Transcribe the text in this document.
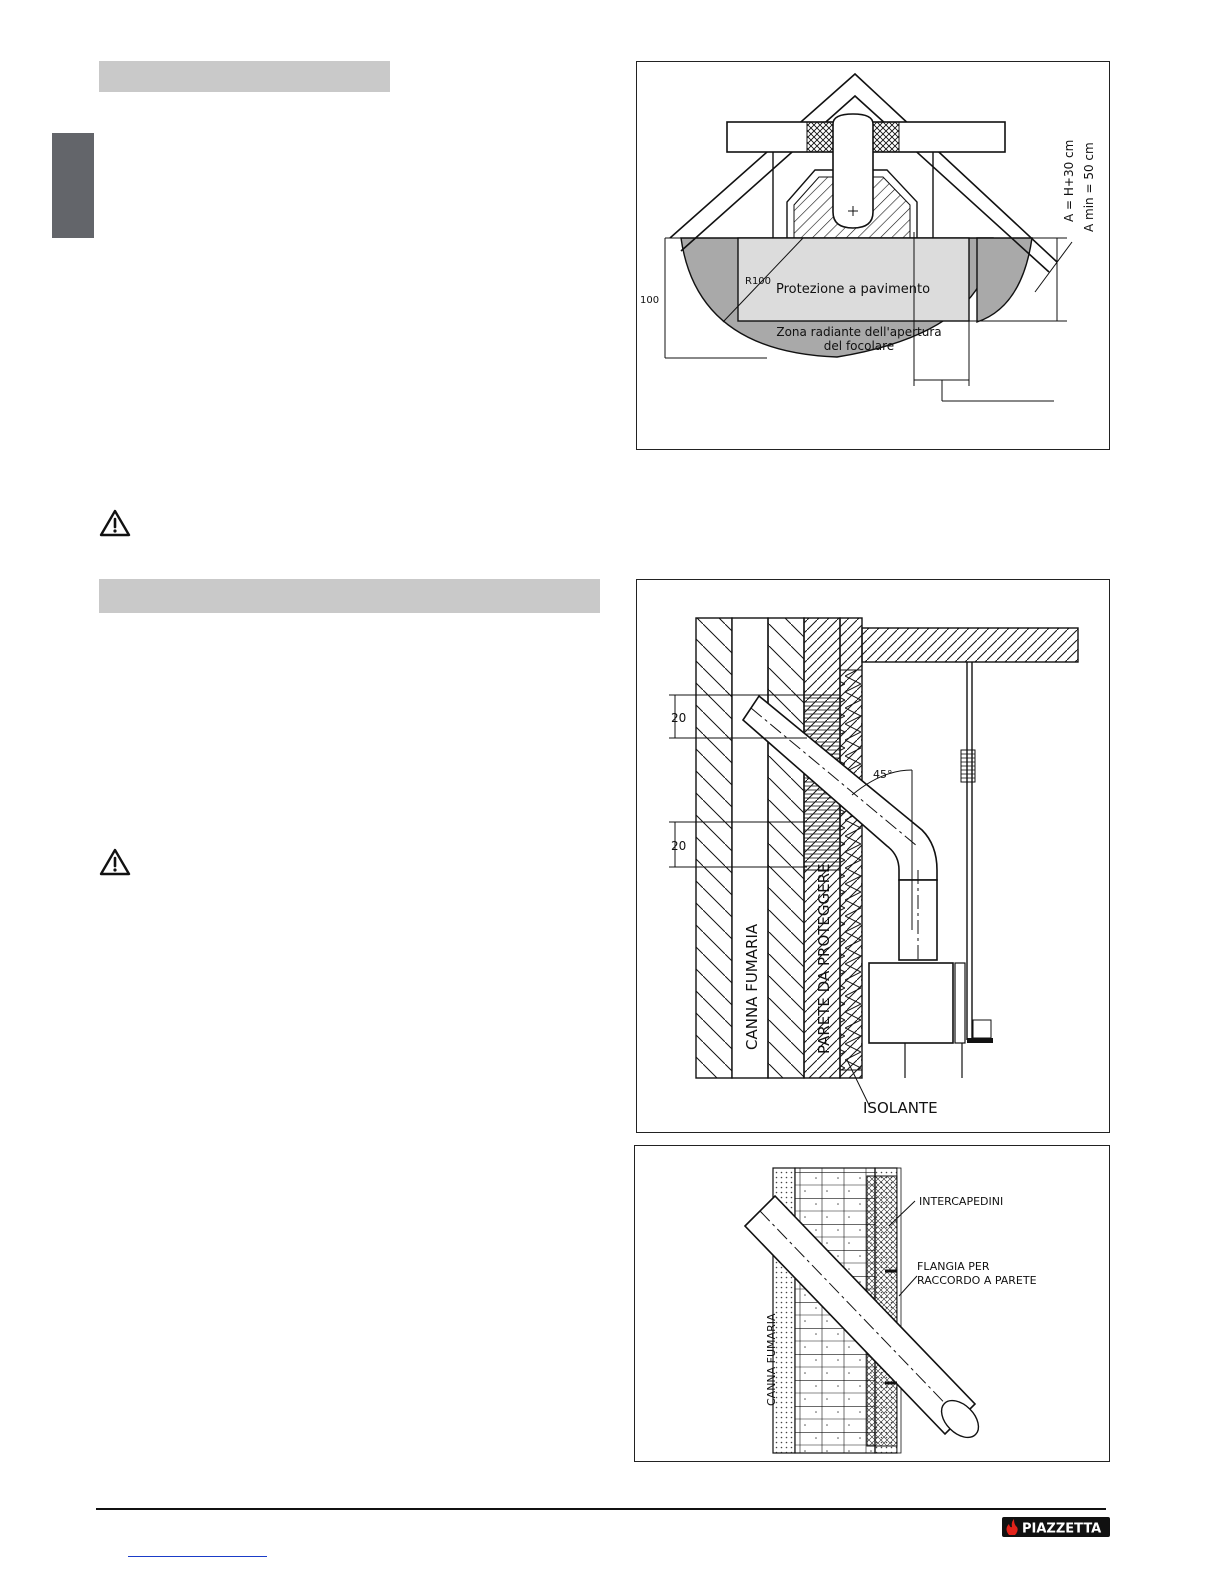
R100
100
A = H+30 cm A min = 50 cm
Protezione a pavimento
Zona radiante dell'apertura
del focolare
45°
20
20
CANNA FUMARIA	PARETE DA PROTEGGERE
ISOLANTE
INTERCAPEDINI
FLANGIA PER
RACCORDO A PARETE
CANNA FUMARIA
PIAZZETTA
